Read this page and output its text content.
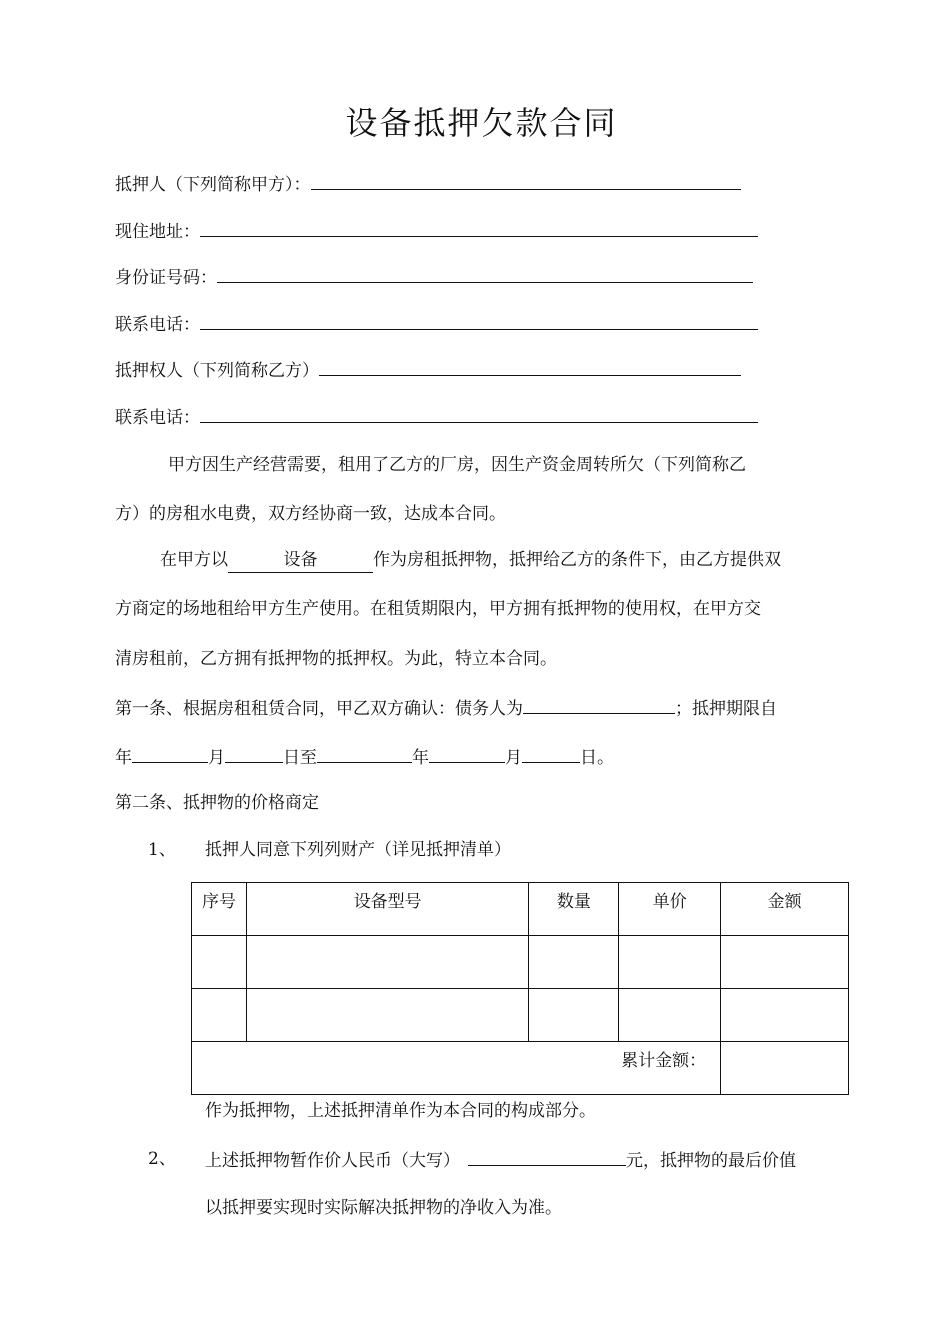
设备抵押欠款合同
抵押人（下列简称甲方）：
现住地址：
身份证号码：
联系电话：
抵押权人（下列简称乙方）
联系电话：
甲方因生产经营需要，租用了乙方的厂房，因生产资金周转所欠（下列简称乙
方）的房租水电费，双方经协商一致，达成本合同。
在甲方以	设备	作为房租抵押物，抵押给乙方的条件下，由乙方提供双
方商定的场地租给甲方生产使用。在租赁期限内，甲方拥有抵押物的使用权，在甲方交
清房租前，乙方拥有抵押物的抵押权。为此，特立本合同。
第一条、根据房租租赁合同，甲乙双方确认：债务人为	；抵押期限自
年	月	日至	年	月	日。
第二条、抵押物的价格商定
1、 抵押人同意下列列财产（详见抵押清单）
序号	设备型号	数量	单价	金额

累计金额：				
作为抵押物，上述抵押清单作为本合同的构成部分。
2、 上述抵押物暂作价人民币（大写）	元，抵押物的最后价值
以抵押要实现时实际解决抵押物的净收入为准。
